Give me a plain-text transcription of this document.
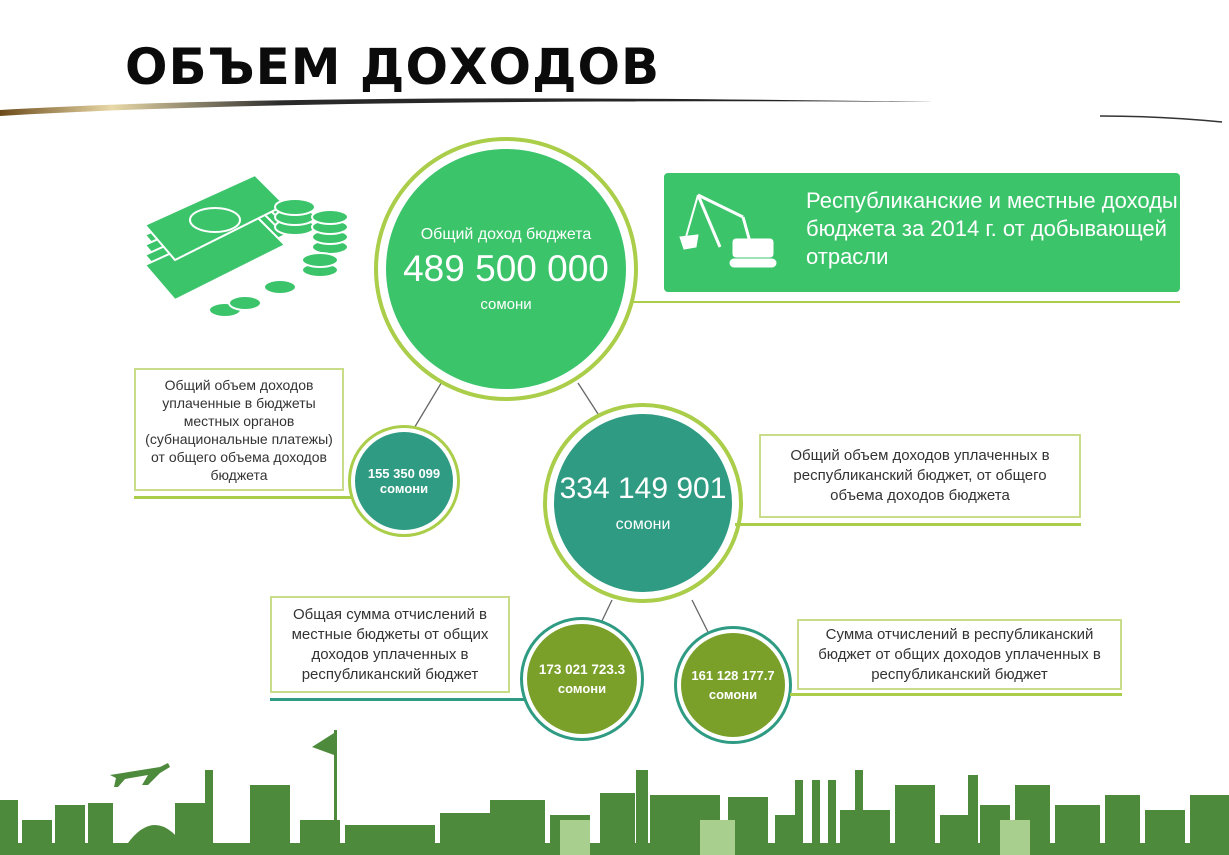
ОБЪЕМ ДОХОДОВ
Республиканские и местные доходы бюджета за 2014 г. от добывающей отрасли
Общий доход бюджета
489 500 000
сомони
Общий объем доходов уплаченные в бюджеты местных органов (субнациональные платежы) от общего объема доходов бюджета	155 350 099
сомони	334 149 901
сомони
Общий объем доходов уплаченных в республиканский бюджет, от общего объема доходов бюджета
Общая сумма отчислений в местные бюджеты от общих доходов уплаченных в республиканский бюджет	173 021 723.3
сомони
161 128 177.7
сомони
Сумма отчислений в республиканский бюджет от общих доходов уплаченных в республиканский бюджет
